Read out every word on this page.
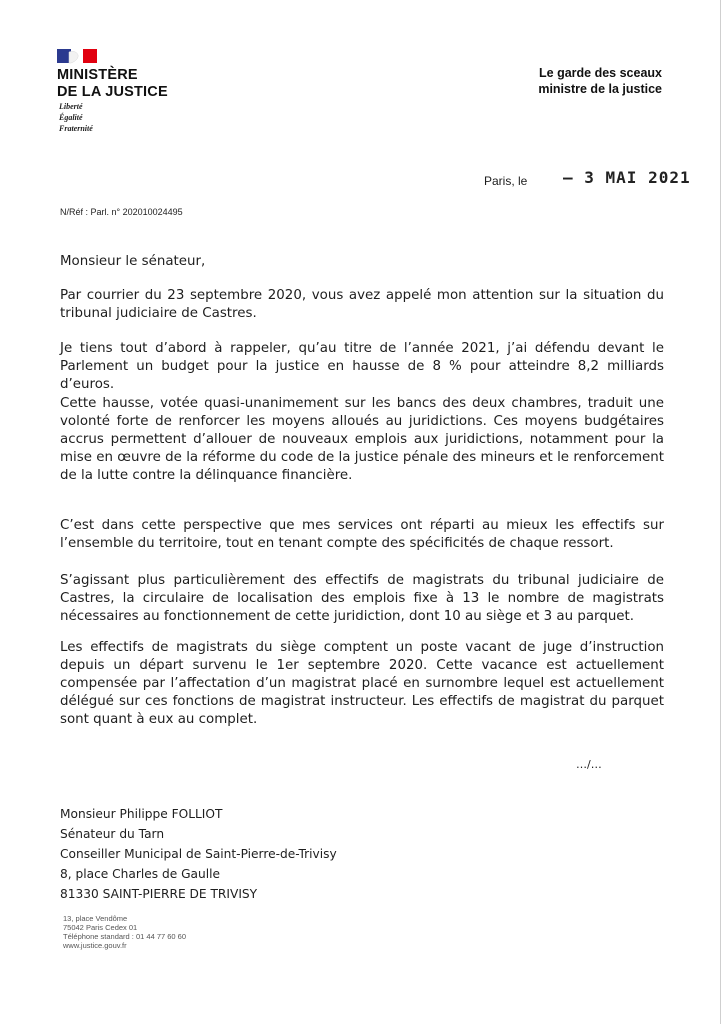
MINISTÈRE
DE LA JUSTICE
Liberté
Égalité
Fraternité
Le garde des sceaux
ministre de la justice
Paris, le – 3 MAI 2021
N/Réf : Parl. n° 202010024495
Monsieur le sénateur,
Par courrier du 23 septembre 2020, vous avez appelé mon attention sur la situation du tribunal judiciaire de Castres.
Je tiens tout d’abord à rappeler, qu’au titre de l’année 2021, j’ai défendu devant le Parlement un budget pour la justice en hausse de 8 % pour atteindre 8,2 milliards d’euros.
Cette hausse, votée quasi-unanimement sur les bancs des deux chambres, traduit une volonté forte de renforcer les moyens alloués au juridictions. Ces moyens budgétaires accrus permettent d’allouer de nouveaux emplois aux juridictions, notamment pour la mise en œuvre de la réforme du code de la justice pénale des mineurs et le renforcement de la lutte contre la délinquance financière.
C’est dans cette perspective que mes services ont réparti au mieux les effectifs sur l’ensemble du territoire, tout en tenant compte des spécificités de chaque ressort.
S’agissant plus particulièrement des effectifs de magistrats du tribunal judiciaire de Castres, la circulaire de localisation des emplois fixe à 13 le nombre de magistrats nécessaires au fonctionnement de cette juridiction, dont 10 au siège et 3 au parquet.
Les effectifs de magistrats du siège comptent un poste vacant de juge d’instruction depuis un départ survenu le 1er septembre 2020. Cette vacance est actuellement compensée par l’affectation d’un magistrat placé en surnombre lequel est actuellement délégué sur ces fonctions de magistrat instructeur. Les effectifs de magistrat du parquet sont quant à eux au complet.
…/…
Monsieur Philippe FOLLIOT
Sénateur du Tarn
Conseiller Municipal de Saint-Pierre-de-Trivisy
8, place Charles de Gaulle
81330 SAINT-PIERRE DE TRIVISY
13, place Vendôme
75042 Paris Cedex 01
Téléphone standard : 01 44 77 60 60
www.justice.gouv.fr
